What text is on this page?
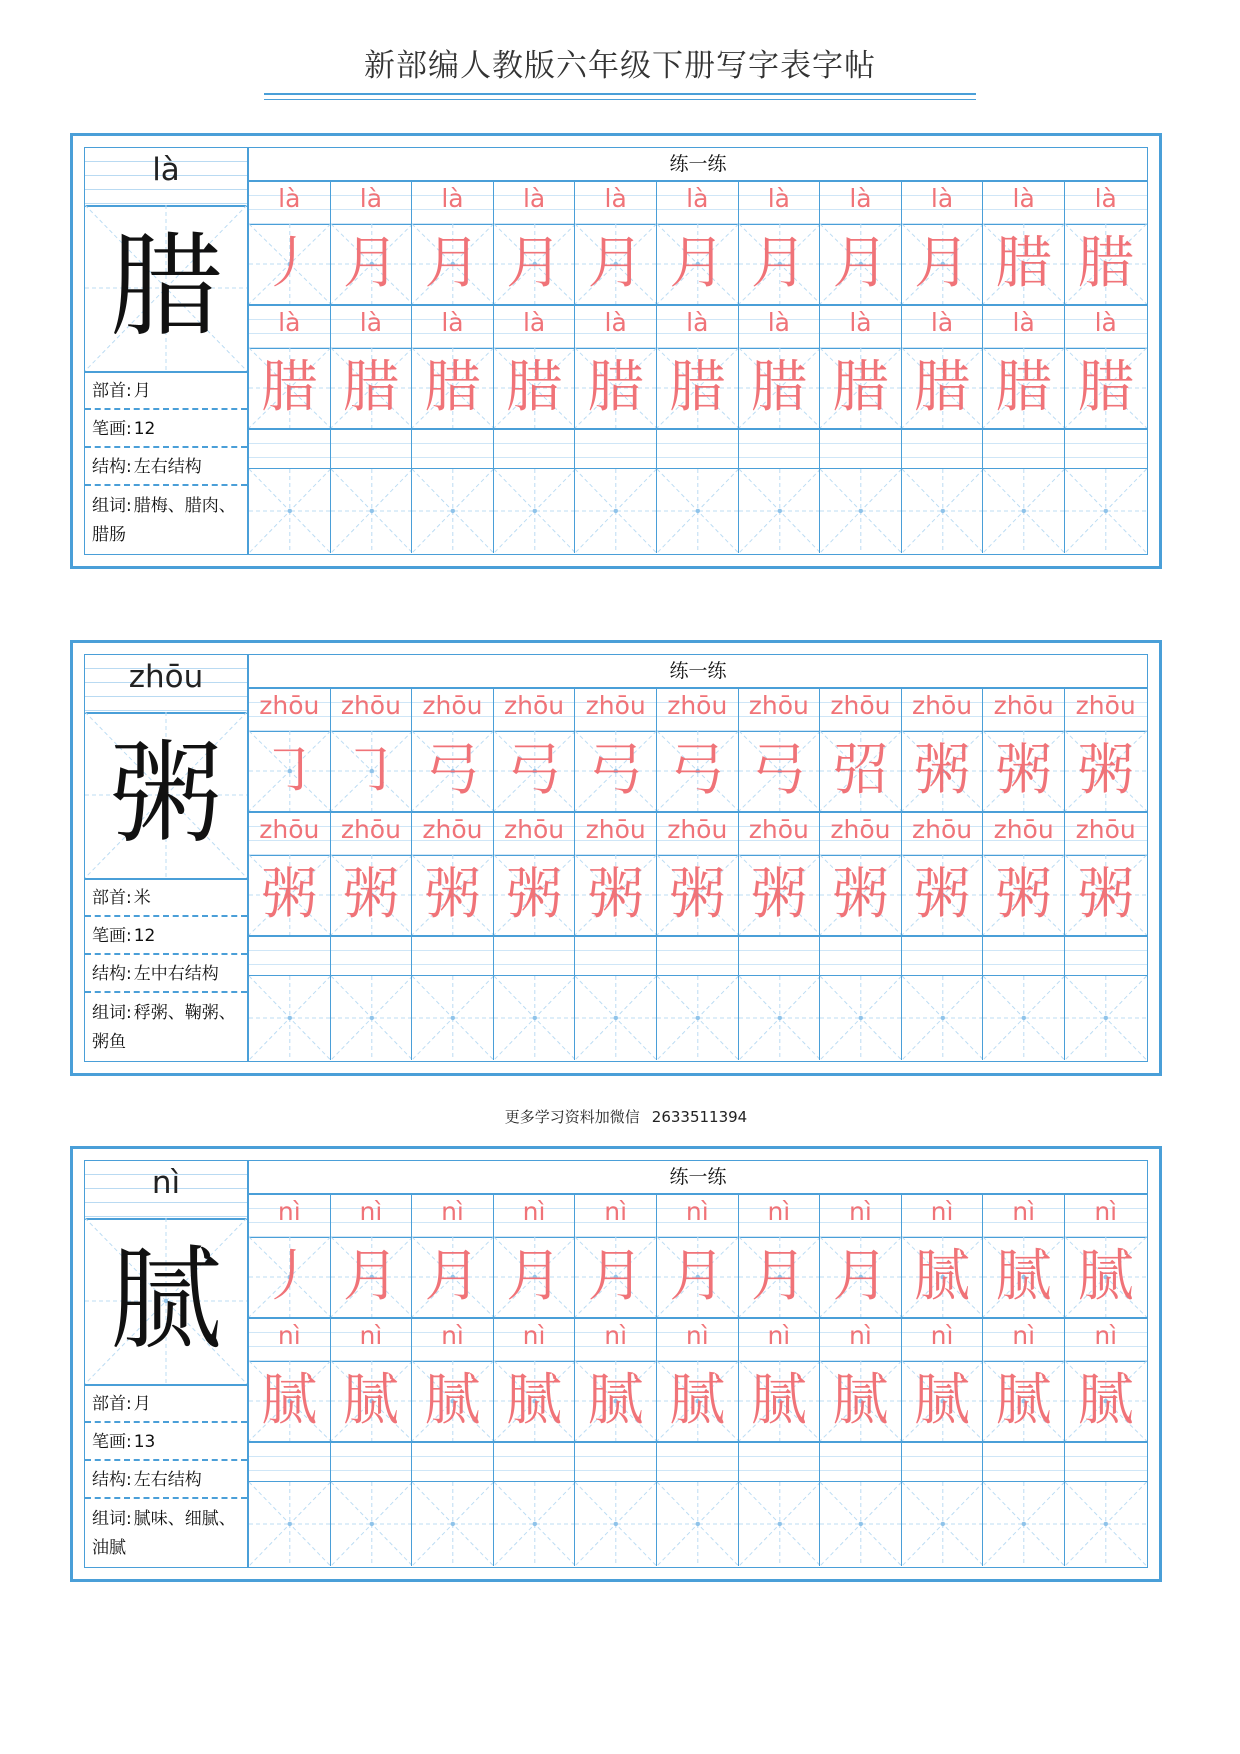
新部编人教版六年级下册写字表字帖
là
腊
部首: 月
笔画: 12
结构: 左右结构
组词: 腊梅、腊肉、腊肠
练一练
là	là	là	là	là	là	là	là	là	là	là
丿 月 月 月 月 月 月 月 月 腊 腊
là	là	là	là	là	là	là	là	là	là	là
腊 腊 腊 腊 腊 腊 腊 腊 腊 腊 腊
zhōu
粥
部首: 米
笔画: 12
结构: 左中右结构
组词: 稃粥、鞠粥、粥鱼
练一练
zhōu zhōu zhōu zhōu zhōu zhōu zhōu zhōu zhōu zhōu zhōu
㇆ ㇆ 弓 弓 弓 弓 弓 弨 粥 粥 粥
zhōu zhōu zhōu zhōu zhōu zhōu zhōu zhōu zhōu zhōu zhōu
粥 粥 粥 粥 粥 粥 粥 粥 粥 粥 粥
nì
腻
部首: 月
笔画: 13
结构: 左右结构
组词: 腻味、细腻、油腻
练一练
nì	nì	nì	nì	nì	nì	nì	nì	nì	nì	nì
丿 月 月 月 月 月 月 月 腻 腻 腻
nì	nì	nì	nì	nì	nì	nì	nì	nì	nì	nì
腻 腻 腻 腻 腻 腻 腻 腻 腻 腻 腻
更多学习资料加微信 2633511394
